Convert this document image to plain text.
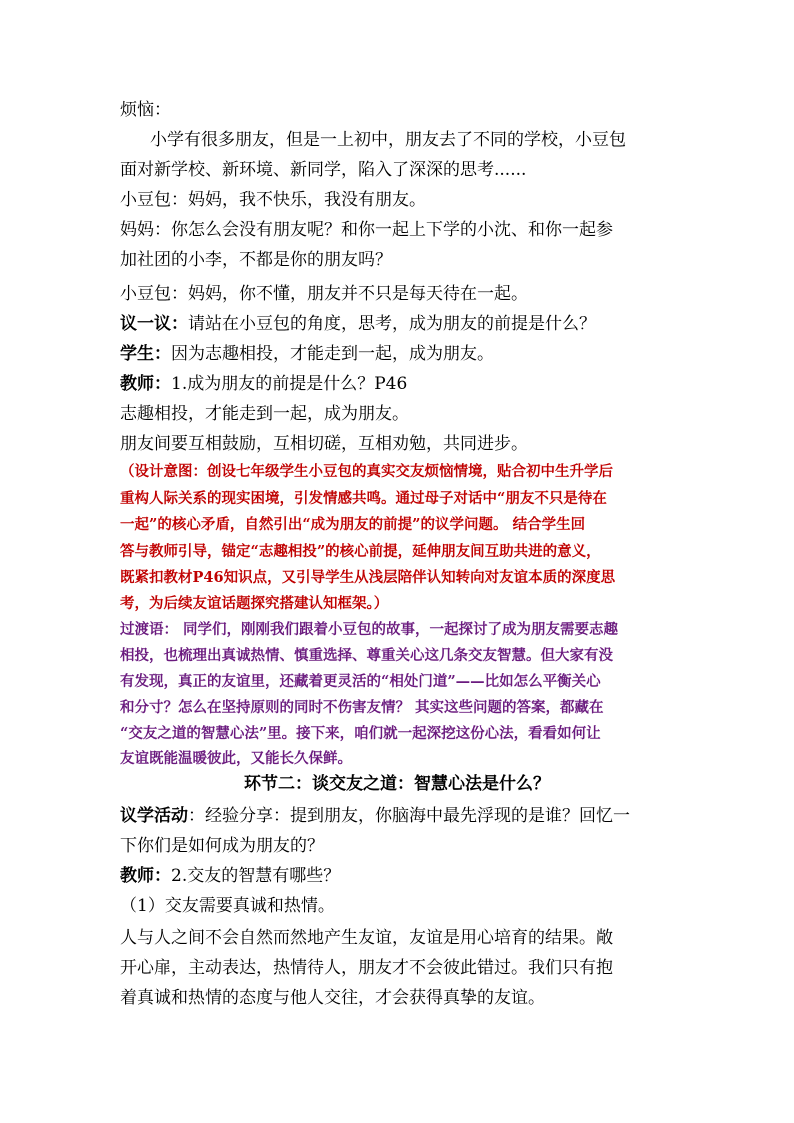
烦恼：
小学有很多朋友，但是一上初中，朋友去了不同的学校，小豆包
面对新学校、新环境、新同学，陷入了深深的思考......
小豆包：妈妈，我不快乐，我没有朋友。
妈妈：你怎么会没有朋友呢？和你一起上下学的小沈、和你一起参
加社团的小李，不都是你的朋友吗？
小豆包：妈妈，你不懂，朋友并不只是每天待在一起。
议一议：请站在小豆包的角度，思考，成为朋友的前提是什么？
学生：因为志趣相投，才能走到一起，成为朋友。
教师：1.成为朋友的前提是什么？P46
志趣相投，才能走到一起，成为朋友。
朋友间要互相鼓励，互相切磋，互相劝勉，共同进步。
（设计意图：创设七年级学生小豆包的真实交友烦恼情境，贴合初中生升学后
重构人际关系的现实困境，引发情感共鸣。通过母子对话中“朋友不只是待在
一起”的核心矛盾，自然引出“成为朋友的前提”的议学问题。 结合学生回
答与教师引导，锚定“志趣相投”的核心前提，延伸朋友间互助共进的意义，
既紧扣教材P46知识点，又引导学生从浅层陪伴认知转向对友谊本质的深度思
考，为后续友谊话题探究搭建认知框架。）
过渡语： 同学们，刚刚我们跟着小豆包的故事，一起探讨了成为朋友需要志趣
相投，也梳理出真诚热情、慎重选择、尊重关心这几条交友智慧。但大家有没
有发现，真正的友谊里，还藏着更灵活的“相处门道”——比如怎么平衡关心
和分寸？怎么在坚持原则的同时不伤害友情？ 其实这些问题的答案，都藏在
“交友之道的智慧心法”里。接下来，咱们就一起深挖这份心法，看看如何让
友谊既能温暖彼此，又能长久保鲜。
环节二：谈交友之道：智慧心法是什么？
议学活动：经验分享：提到朋友，你脑海中最先浮现的是谁？回忆一
下你们是如何成为朋友的？
教师：2.交友的智慧有哪些？
（1）交友需要真诚和热情。
人与人之间不会自然而然地产生友谊，友谊是用心培育的结果。敞
开心扉，主动表达，热情待人，朋友才不会彼此错过。我们只有抱
着真诚和热情的态度与他人交往，才会获得真挚的友谊。
